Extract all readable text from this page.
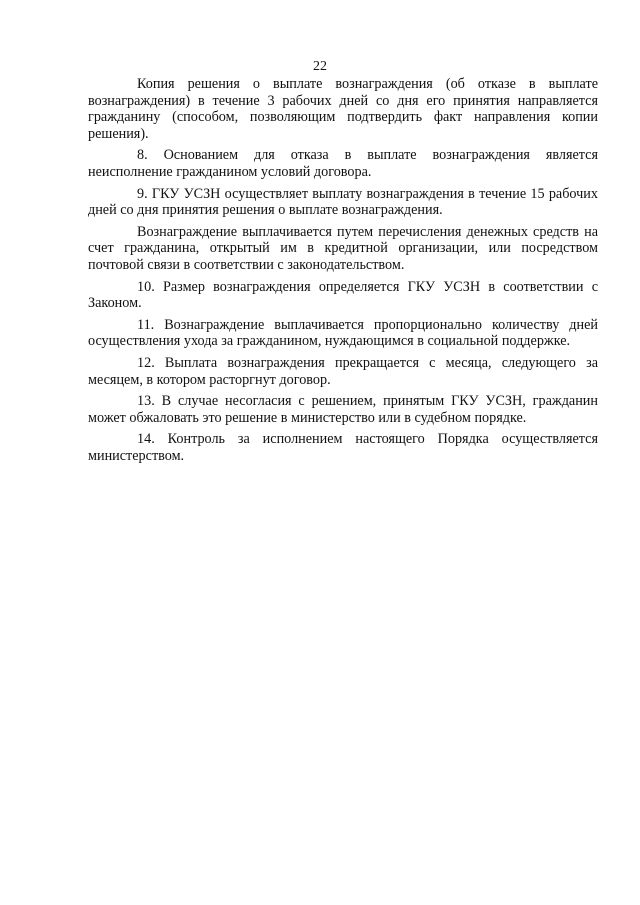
22

Копия решения о выплате вознаграждения (об отказе в выплате вознаграждения) в течение 3 рабочих дней со дня его принятия направляется гражданину (способом, позволяющим подтвердить факт направления копии решения).

8. Основанием для отказа в выплате вознаграждения является неисполнение гражданином условий договора.

9. ГКУ УСЗН осуществляет выплату вознаграждения в течение 15 рабочих дней со дня принятия решения о выплате вознаграждения.

Вознаграждение выплачивается путем перечисления денежных средств на счет гражданина, открытый им в кредитной организации, или посредством почтовой связи в соответствии с законодательством.

10. Размер вознаграждения определяется ГКУ УСЗН в соответствии с Законом.

11. Вознаграждение выплачивается пропорционально количеству дней осуществления ухода за гражданином, нуждающимся в социальной поддержке.

12. Выплата вознаграждения прекращается с месяца, следующего за месяцем, в котором расторгнут договор.

13. В случае несогласия с решением, принятым ГКУ УСЗН, гражданин может обжаловать это решение в министерство или в судебном порядке.

14. Контроль за исполнением настоящего Порядка осуществляется министерством.
